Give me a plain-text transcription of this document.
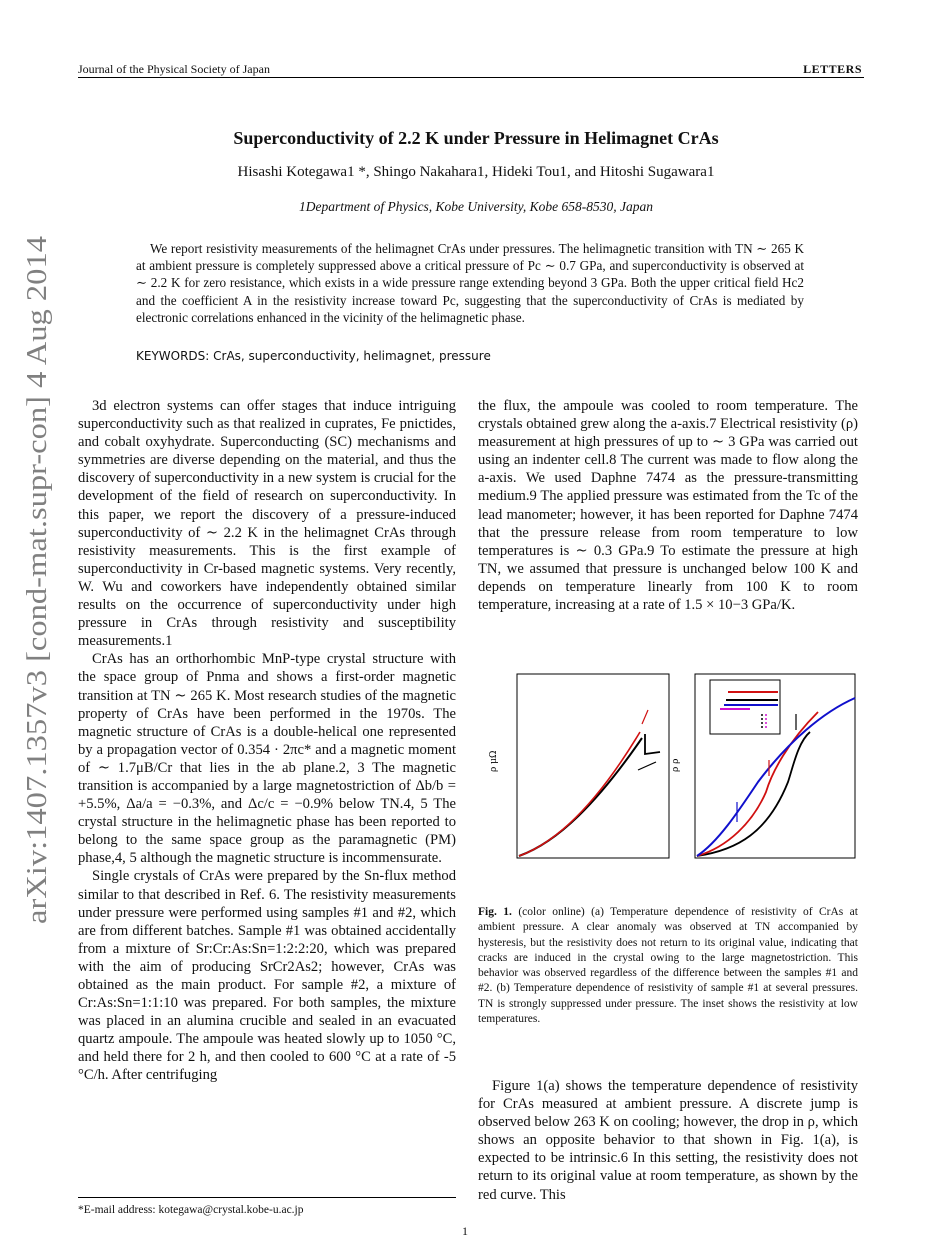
Journal of the Physical Society of Japan	LETTERS
arXiv:1407.1357v3 [cond-mat.supr-con] 4 Aug 2014
Superconductivity of 2.2 K under Pressure in Helimagnet CrAs
Hisashi Kotegawa1 *, Shingo Nakahara1, Hideki Tou1, and Hitoshi Sugawara1
1Department of Physics, Kobe University, Kobe 658-8530, Japan
We report resistivity measurements of the helimagnet CrAs under pressures. The helimagnetic transition with TN ∼ 265 K at ambient pressure is completely suppressed above a critical pressure of Pc ∼ 0.7 GPa, and superconductivity is observed at ∼ 2.2 K for zero resistance, which exists in a wide pressure range extending beyond 3 GPa. Both the upper critical field Hc2 and the coefficient A in the resistivity increase toward Pc, suggesting that the superconductivity of CrAs is mediated by electronic correlations enhanced in the vicinity of the helimagnetic phase.
KEYWORDS: CrAs, superconductivity, helimagnet, pressure

3d electron systems can offer stages that induce intriguing superconductivity such as that realized in cuprates, Fe pnictides, and cobalt oxyhydrate. Superconducting (SC) mechanisms and symmetries are diverse depending on the material, and thus the discovery of superconductivity in a new system is crucial for the development of the field of research on superconductivity. In this paper, we report the discovery of a pressure-induced superconductivity of ∼ 2.2 K in the helimagnet CrAs through resistivity measurements. This is the first example of superconductivity in Cr-based magnetic systems. Very recently, W. Wu and coworkers have independently obtained similar results on the occurrence of superconductivity under high pressure in CrAs through resistivity and susceptibility measurements.1

CrAs has an orthorhombic MnP-type crystal structure with the space group of Pnma and shows a first-order magnetic transition at TN ∼ 265 K. Most research studies of the magnetic property of CrAs have been performed in the 1970s. The magnetic structure of CrAs is a double-helical one represented by a propagation vector of 0.354 · 2πc* and a magnetic moment of ∼ 1.7μB/Cr that lies in the ab plane.2, 3 The magnetic transition is accompanied by a large magnetostriction of Δb/b = +5.5%, Δa/a = −0.3%, and Δc/c = −0.9% below TN.4, 5 The crystal structure in the helimagnetic phase has been reported to belong to the same space group as the paramagnetic (PM) phase,4, 5 although the magnetic structure is incommensurate.

Single crystals of CrAs were prepared by the Sn-flux method similar to that described in Ref. 6. The resistivity measurements under pressure were performed using samples #1 and #2, which are from different batches. Sample #1 was obtained accidentally from a mixture of Sr:Cr:As:Sn=1:2:2:20, which was prepared with the aim of producing SrCr2As2; however, CrAs was obtained as the main product. For sample #2, a mixture of Cr:As:Sn=1:1:10 was prepared. For both samples, the mixture was placed in an alumina crucible and sealed in an evacuated quartz ampoule. The ampoule was heated slowly up to 1050 °C, and held there for 2 h, and then cooled to 600 °C at a rate of -5 °C/h. After centrifuging

the flux, the ampoule was cooled to room temperature. The crystals obtained grew along the a-axis.7 Electrical resistivity (ρ) measurement at high pressures of up to ∼ 3 GPa was carried out using an indenter cell.8 The current was made to flow along the a-axis. We used Daphne 7474 as the pressure-transmitting medium.9 The applied pressure was estimated from the Tc of the lead manometer; however, it has been reported for Daphne 7474 that the pressure release from room temperature to low temperatures is ∼ 0.3 GPa.9 To estimate the pressure at high TN, we assumed that pressure is unchanged below 100 K and depends on temperature linearly from 100 K to room temperature, increasing at a rate of 1.5 × 10−3 GPa/K.

ρ μΩ	ρ ρ
Fig. 1. (color online) (a) Temperature dependence of resistivity of CrAs at ambient pressure. A clear anomaly was observed at TN accompanied by hysteresis, but the resistivity does not return to its original value, indicating that cracks are induced in the crystal owing to the large magnetostriction. This behavior was observed regardless of the difference between the samples #1 and #2. (b) Temperature dependence of resistivity of sample #1 at several pressures. TN is strongly suppressed under pressure. The inset shows the resistivity at low temperatures.

Figure 1(a) shows the temperature dependence of resistivity for CrAs measured at ambient pressure. A discrete jump is observed below 263 K on cooling; however, the drop in ρ, which shows an opposite behavior to that shown in Fig. 1(a), is expected to be intrinsic.6 In this setting, the resistivity does not return to its original value at room temperature, as shown by the red curve. This

*E-mail address: kotegawa@crystal.kobe-u.ac.jp
1
